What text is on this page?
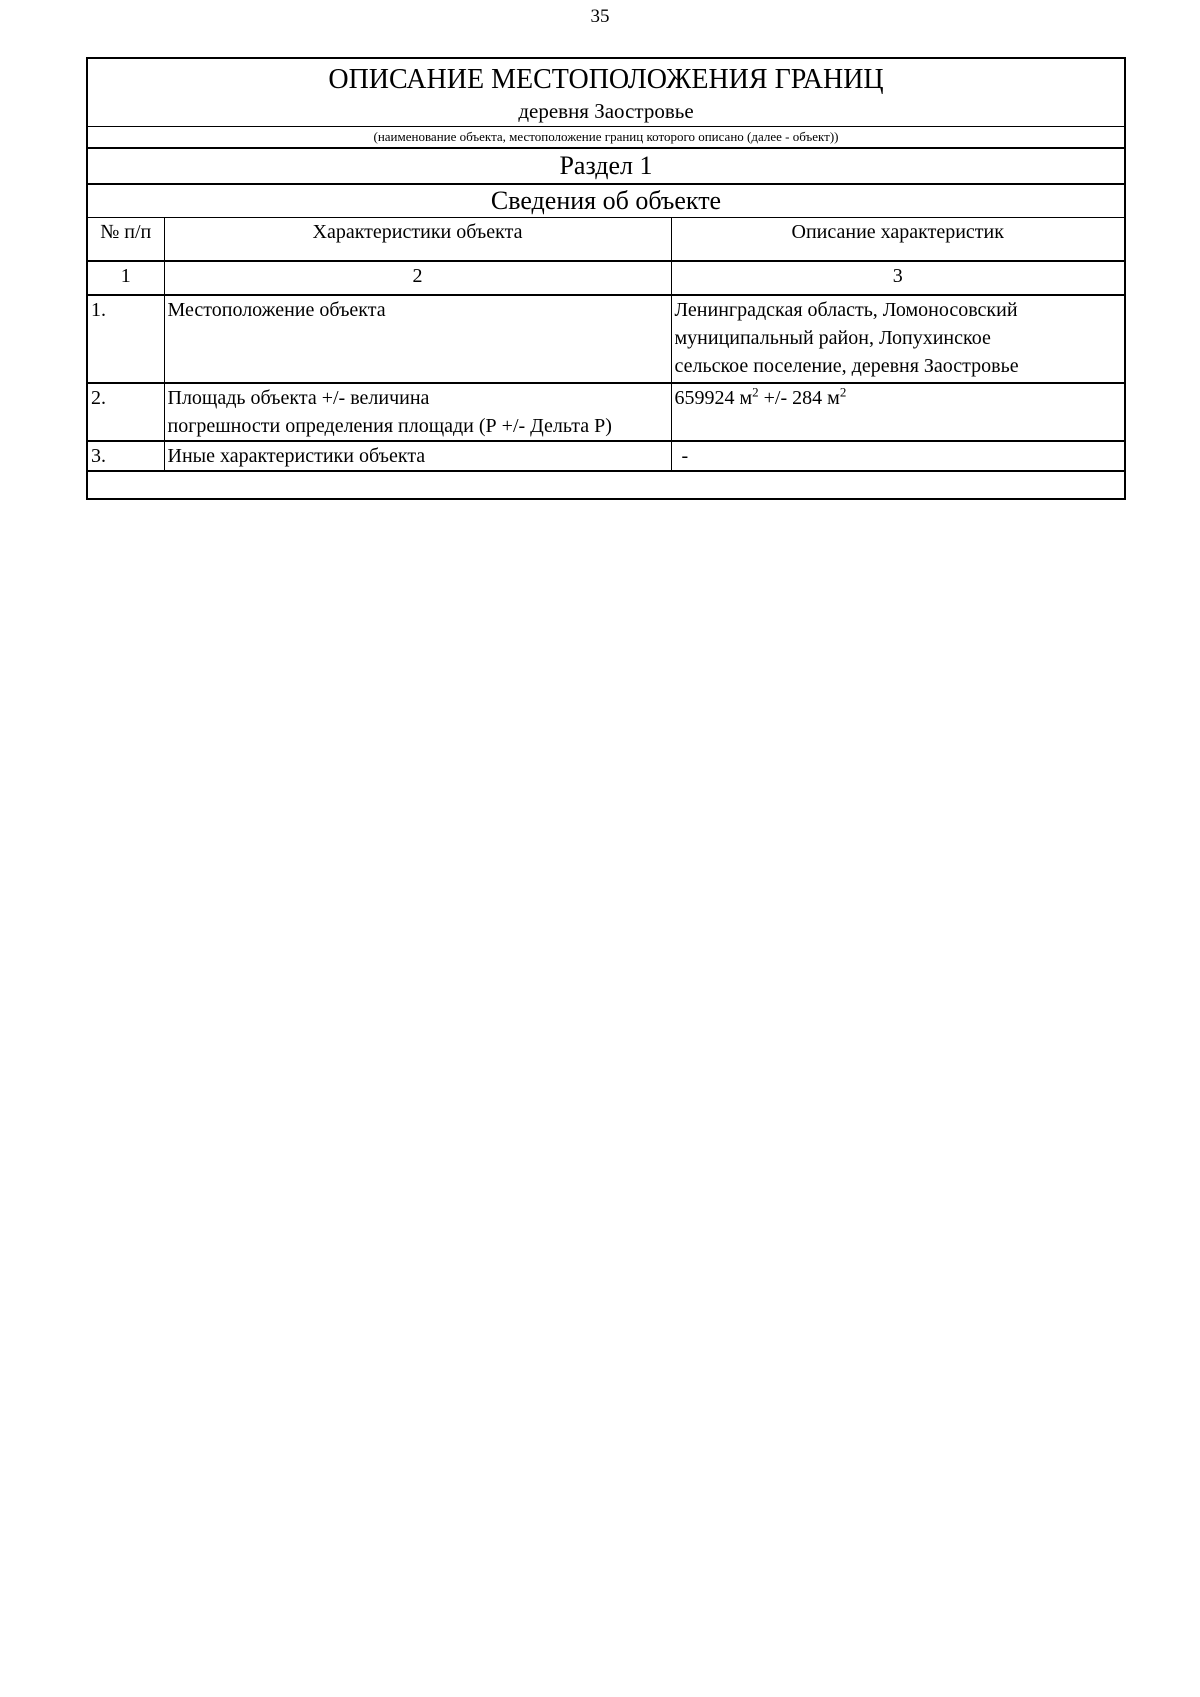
35
ОПИСАНИЕ МЕСТОПОЛОЖЕНИЯ ГРАНИЦ
деревня Заостровье
(наименование объекта, местоположение границ которого описано (далее - объект))
Раздел 1
Сведения об объекте
№ п/п	Характеристики объекта	Описание характеристик
1	2	3
1.	Местоположение объекта	Ленинградская область, Ломоносовский
муниципальный район, Лопухинское
сельское поселение, деревня Заостровье

2.	Площадь объекта +/- величина
погрешности определения площади (Р +/- Дельта Р)	659924 $м^2$ +/- 284 $м^2$
3.	Иные характеристики объекта	-
